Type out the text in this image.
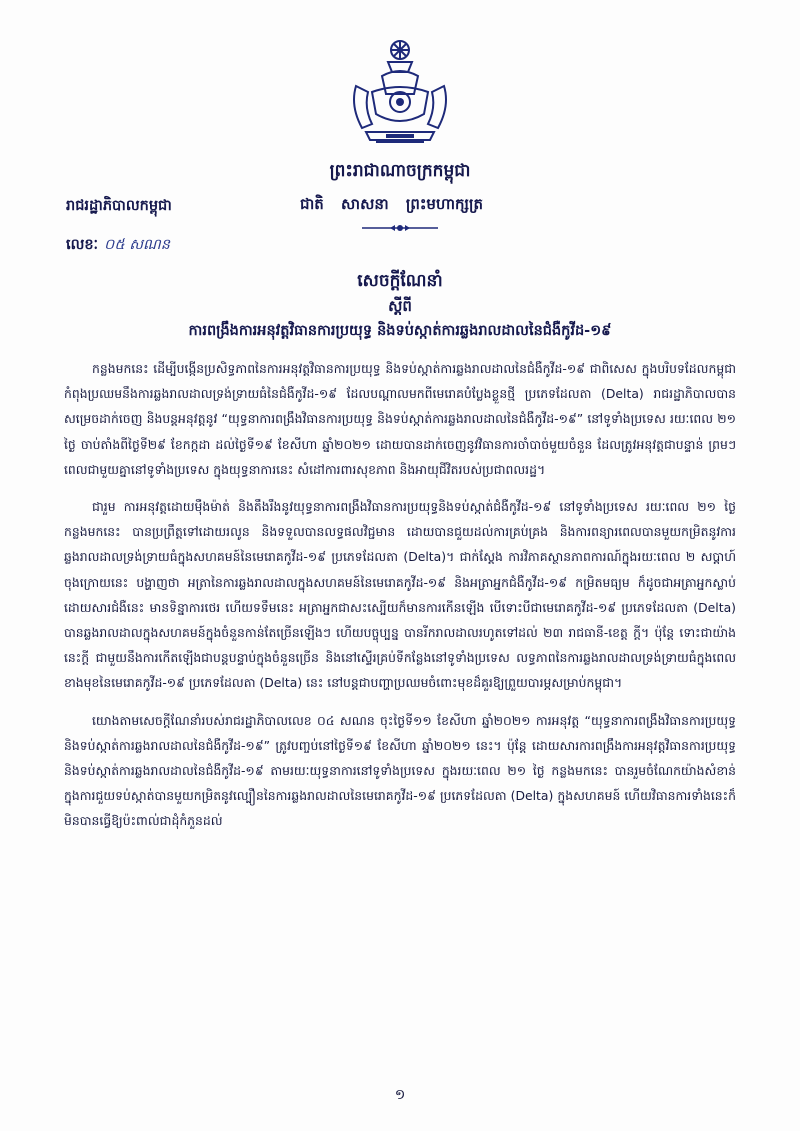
ព្រះរាជាណាចក្រកម្ពុជា
ជាតិ សាសនា ព្រះមហាក្សត្រ
រាជរដ្ឋាភិបាលកម្ពុជា
លេខៈ ០៥ សណន
សេចក្តីណែនាំ
ស្តីពី
ការពង្រឹងការអនុវត្តវិធានការប្រយុទ្ធ និងទប់ស្កាត់ការឆ្លងរាលដាលនៃជំងឺកូវីដ-១៩

កន្លងមកនេះ ដើម្បីបង្កើនប្រសិទ្ធភាពនៃការអនុវត្តវិធានការប្រយុទ្ធ និងទប់ស្កាត់ការឆ្លងរាលដាលនៃជំងឺកូវីដ-១៩ ជាពិសេស ក្នុងបរិបទដែលកម្ពុជាកំពុងប្រឈមនឹងការឆ្លងរាលដាលទ្រង់ទ្រាយធំនៃជំងឺកូវីដ-១៩ ដែលបណ្តាលមកពីមេរោគបំប្លែងខ្លួនថ្មី ប្រភេទដែលតា (Delta) រាជរដ្ឋាភិបាលបានសម្រេចដាក់ចេញ និងបន្តអនុវត្តនូវ “យុទ្ធនាការពង្រឹងវិធានការប្រយុទ្ធ និងទប់ស្កាត់ការឆ្លងរាលដាលនៃជំងឺកូវីដ-១៩” នៅទូទាំងប្រទេស រយៈពេល ២១ ថ្ងៃ ចាប់តាំងពីថ្ងៃទី២៩ ខែកក្កដា ដល់ថ្ងៃទី១៩ ខែសីហា ឆ្នាំ២០២១ ដោយបានដាក់ចេញនូវវិធានការចាំបាច់មួយចំនួន ដែលត្រូវអនុវត្តជាបន្ទាន់ ព្រមៗពេលជាមួយគ្នានៅទូទាំងប្រទេស ក្នុងយុទ្ធនាការនេះ សំដៅការពារសុខភាព និងអាយុជីវិតរបស់ប្រជាពលរដ្ឋ។

ជារួម ការអនុវត្តដោយម៉ឺងម៉ាត់ និងតឹងរឹងនូវយុទ្ធនាការពង្រឹងវិធានការប្រយុទ្ធនិងទប់ស្កាត់ជំងឺកូវីដ-១៩ នៅទូទាំងប្រទេស រយៈពេល ២១ ថ្ងៃ កន្លងមកនេះ បានប្រព្រឹត្តទៅដោយរលូន និងទទួលបានលទ្ធផលវិជ្ជមាន ដោយបានជួយដល់ការគ្រប់គ្រង និងការពន្យារពេលបានមួយកម្រិតនូវការឆ្លងរាលដាលទ្រង់ទ្រាយធំក្នុងសហគមន៍នៃមេរោគកូវីដ-១៩ ប្រភេទដែលតា (Delta)។ ជាក់ស្តែង ការវិភាគស្ថានភាពការណ៍ក្នុងរយៈពេល ២ សប្តាហ៍ចុងក្រោយនេះ បង្ហាញថា អត្រានៃការឆ្លងរាលដាលក្នុងសហគមន៍នៃមេរោគកូវីដ-១៩ និងអត្រាអ្នកជំងឺកូវីដ-១៩ កម្រិតមធ្យម ក៏ដូចជាអត្រាអ្នកស្លាប់ដោយសារជំងឺនេះ មានទិន្នាការថេរ ហើយទទឹមនេះ អត្រាអ្នកជាសះស្បើយក៏មានការកើនឡើង បើទោះបីជាមេរោគកូវីដ-១៩ ប្រភេទដែលតា (Delta) បានឆ្លងរាលដាលក្នុងសហគមន៍ក្នុងចំនួនកាន់តែច្រើនឡើងៗ ហើយបច្ចុប្បន្ន បានរីករាលដាលរហូតទៅដល់ ២៣ រាជធានី-ខេត្ត ក្តី។ ប៉ុន្តែ ទោះជាយ៉ាងនេះក្តី ជាមួយនឹងការកើតឡើងជាបន្តបន្ទាប់ក្នុងចំនួនច្រើន និងនៅស្ទើរគ្រប់ទីកន្លែងនៅទូទាំងប្រទេស លទ្ធភាពនៃការឆ្លងរាលដាលទ្រង់ទ្រាយធំក្នុងពេលខាងមុខនៃមេរោគកូវីដ-១៩ ប្រភេទដែលតា (Delta) នេះ នៅបន្តជាបញ្ហាប្រឈមចំពោះមុខដ៏គួរឱ្យព្រួយបារម្ភសម្រាប់កម្ពុជា។

យោងតាមសេចក្តីណែនាំរបស់រាជរដ្ឋាភិបាលលេខ ០៤ សណន ចុះថ្ងៃទី១១ ខែសីហា ឆ្នាំ២០២១ ការអនុវត្ត “យុទ្ធនាការពង្រឹងវិធានការប្រយុទ្ធ និងទប់ស្កាត់ការឆ្លងរាលដាលនៃជំងឺកូវីដ-១៩” ត្រូវបញ្ចប់នៅថ្ងៃទី១៩ ខែសីហា ឆ្នាំ២០២១ នេះ។ ប៉ុន្តែ ដោយសារការពង្រឹងការអនុវត្តវិធានការប្រយុទ្ធ និងទប់ស្កាត់ការឆ្លងរាលដាលនៃជំងឺកូវីដ-១៩ តាមរយៈយុទ្ធនាការនៅទូទាំងប្រទេស ក្នុងរយៈពេល ២១ ថ្ងៃ កន្លងមកនេះ បានរួមចំណែកយ៉ាងសំខាន់ ក្នុងការជួយទប់ស្កាត់បានមួយកម្រិតនូវល្បឿននៃការឆ្លងរាលដាលនៃមេរោគកូវីដ-១៩ ប្រភេទដែលតា (Delta) ក្នុងសហគមន៍ ហើយវិធានការទាំងនេះក៏មិនបានធ្វើឱ្យប៉ះពាល់ជាដុំកំភួនដល់

១
